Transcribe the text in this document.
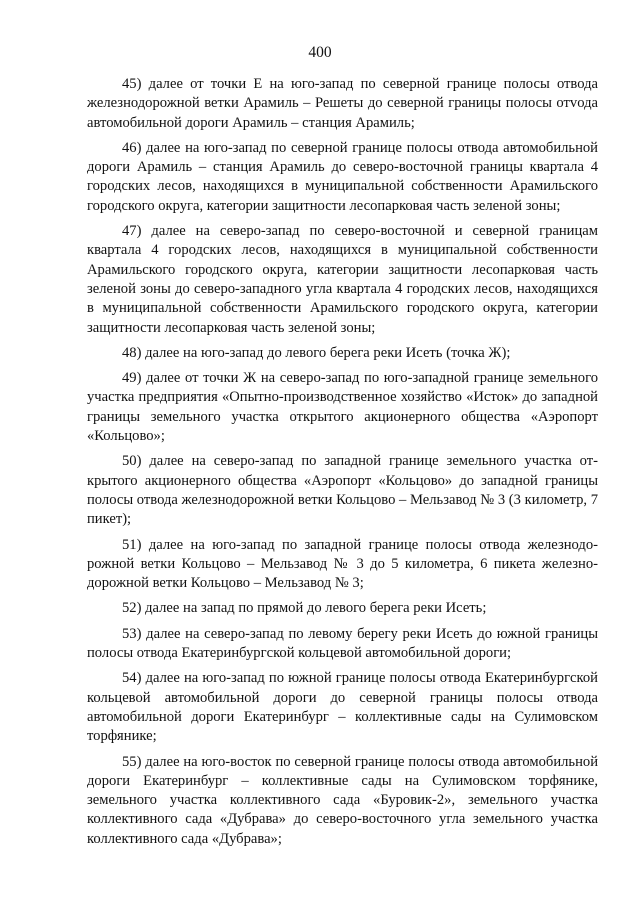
400

45) далее от точки Е на юго-запад по северной границе полосы отвода железнодорожной ветки Арамиль – Решеты до северной границы полосы отvода автомобильной дороги Арамиль – станция Арамиль;

46) далее на юго-запад по северной границе полосы отвода автомобильной дороги Арамиль – станция Арамиль до северо-восточной границы квартала 4 городских лесов, находящихся в муниципальной собственности Арамильского городского округа, категории защитности лесопарковая часть зеленой зоны;

47) далее на северо-запад по северо-восточной и северной границам квартала 4 городских лесов, находящихся в муниципальной собственности Арамильского городского округа, категории защитности лесопарковая часть зеленой зоны до северо-западного угла квартала 4 городских лесов, находящихся в муниципальной собственности Арамильского городского округа, категории защитности лесопарковая часть зеленой зоны;

48) далее на юго-запад до левого берега реки Исеть (точка Ж);

49) далее от точки Ж на северо-запад по юго-западной границе земельного участка предприятия «Опытно-производственное хозяйство «Исток» до западной границы земельного участка открытого акционерного общества «Аэропорт «Кольцово»;

50) далее на северо-запад по западной границе земельного участка открытого акционерного общества «Аэропорт «Кольцово» до западной границы полосы отвода железнодорожной ветки Кольцово – Мельзавод № 3 (3 километр, 7 пикет);

51) далее на юго-запад по западной границе полосы отвода железнодорожной ветки Кольцово – Мельзавод № 3 до 5 километра, 6 пикета железнодорожной ветки Кольцово – Мельзавод № 3;

52) далее на запад по прямой до левого берега реки Исеть;

53) далее на северо-запад по левому берегу реки Исеть до южной границы полосы отвода Екатеринбургской кольцевой автомобильной дороги;

54) далее на юго-запад по южной границе полосы отвода Екатеринбургской кольцевой автомобильной дороги до северной границы полосы отвода автомобильной дороги Екатеринбург – коллективные сады на Сулимовском торфянике;

55) далее на юго-восток по северной границе полосы отвода автомобильной дороги Екатеринбург – коллективные сады на Сулимовском торфянике, земельного участка коллективного сада «Буровик-2», земельного участка коллективного сада «Дубрава» до северо-восточного угла земельного участка коллективного сада «Дубрава»;
